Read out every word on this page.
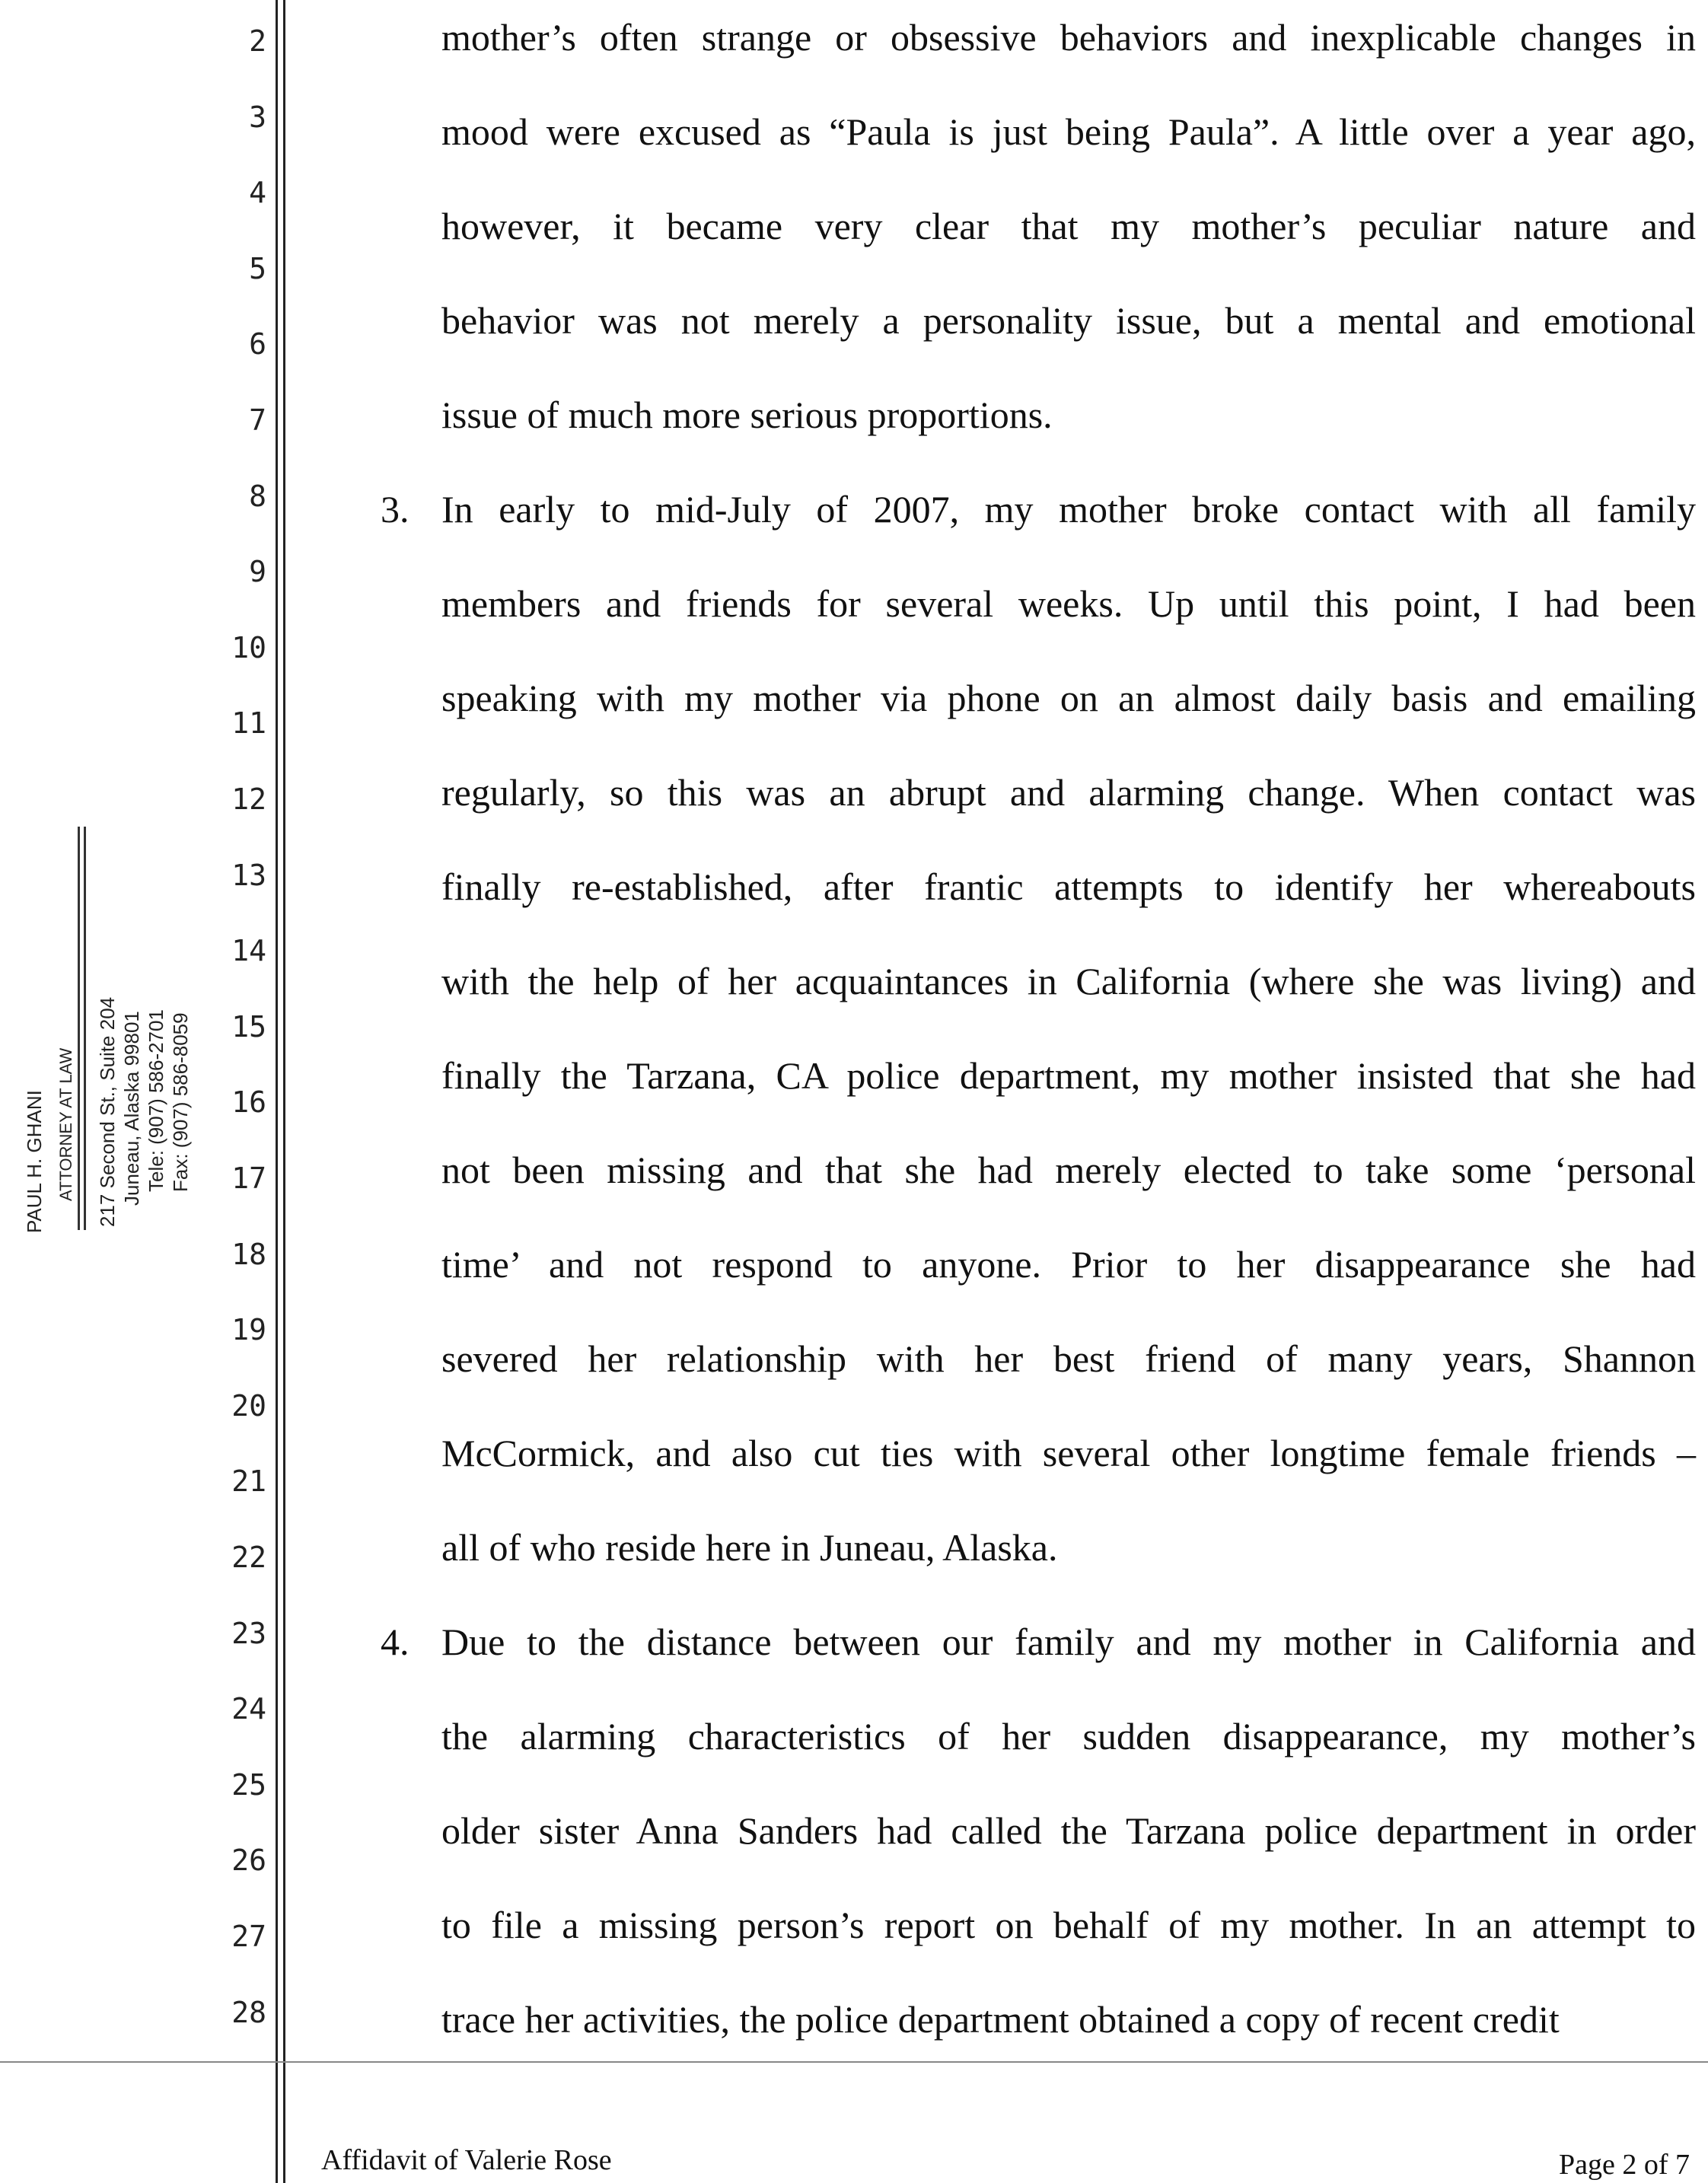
2
3
4
5
6
7
8
9
10
11
12
13
14
15
16
17
18
19
20
21
22
23
24
25
26
27
28
PAUL H. GHANI ATTORNEY AT LAW 217 Second St., Suite 204 Juneau, Alaska 99801 Tele: (907) 586-2701 Fax: (907) 586-8059
mother’s often strange or obsessive behaviors and inexplicable changes in
mood were excused as “Paula is just being Paula”. A little over a year ago,
however, it became very clear that my mother’s peculiar nature and
behavior was not merely a personality issue, but a mental and emotional
issue of much more serious proportions.
3. In early to mid-July of 2007, my mother broke contact with all family
members and friends for several weeks. Up until this point, I had been
speaking with my mother via phone on an almost daily basis and emailing
regularly, so this was an abrupt and alarming change. When contact was
finally re-established, after frantic attempts to identify her whereabouts
with the help of her acquaintances in California (where she was living) and
finally the Tarzana, CA police department, my mother insisted that she had
not been missing and that she had merely elected to take some ‘personal
time’ and not respond to anyone. Prior to her disappearance she had
severed her relationship with her best friend of many years, Shannon
McCormick, and also cut ties with several other longtime female friends –
all of who reside here in Juneau, Alaska.
4. Due to the distance between our family and my mother in California and
the alarming characteristics of her sudden disappearance, my mother’s
older sister Anna Sanders had called the Tarzana police department in order
to file a missing person’s report on behalf of my mother. In an attempt to
trace her activities, the police department obtained a copy of recent credit
Affidavit of Valerie Rose	Page 2 of 7
